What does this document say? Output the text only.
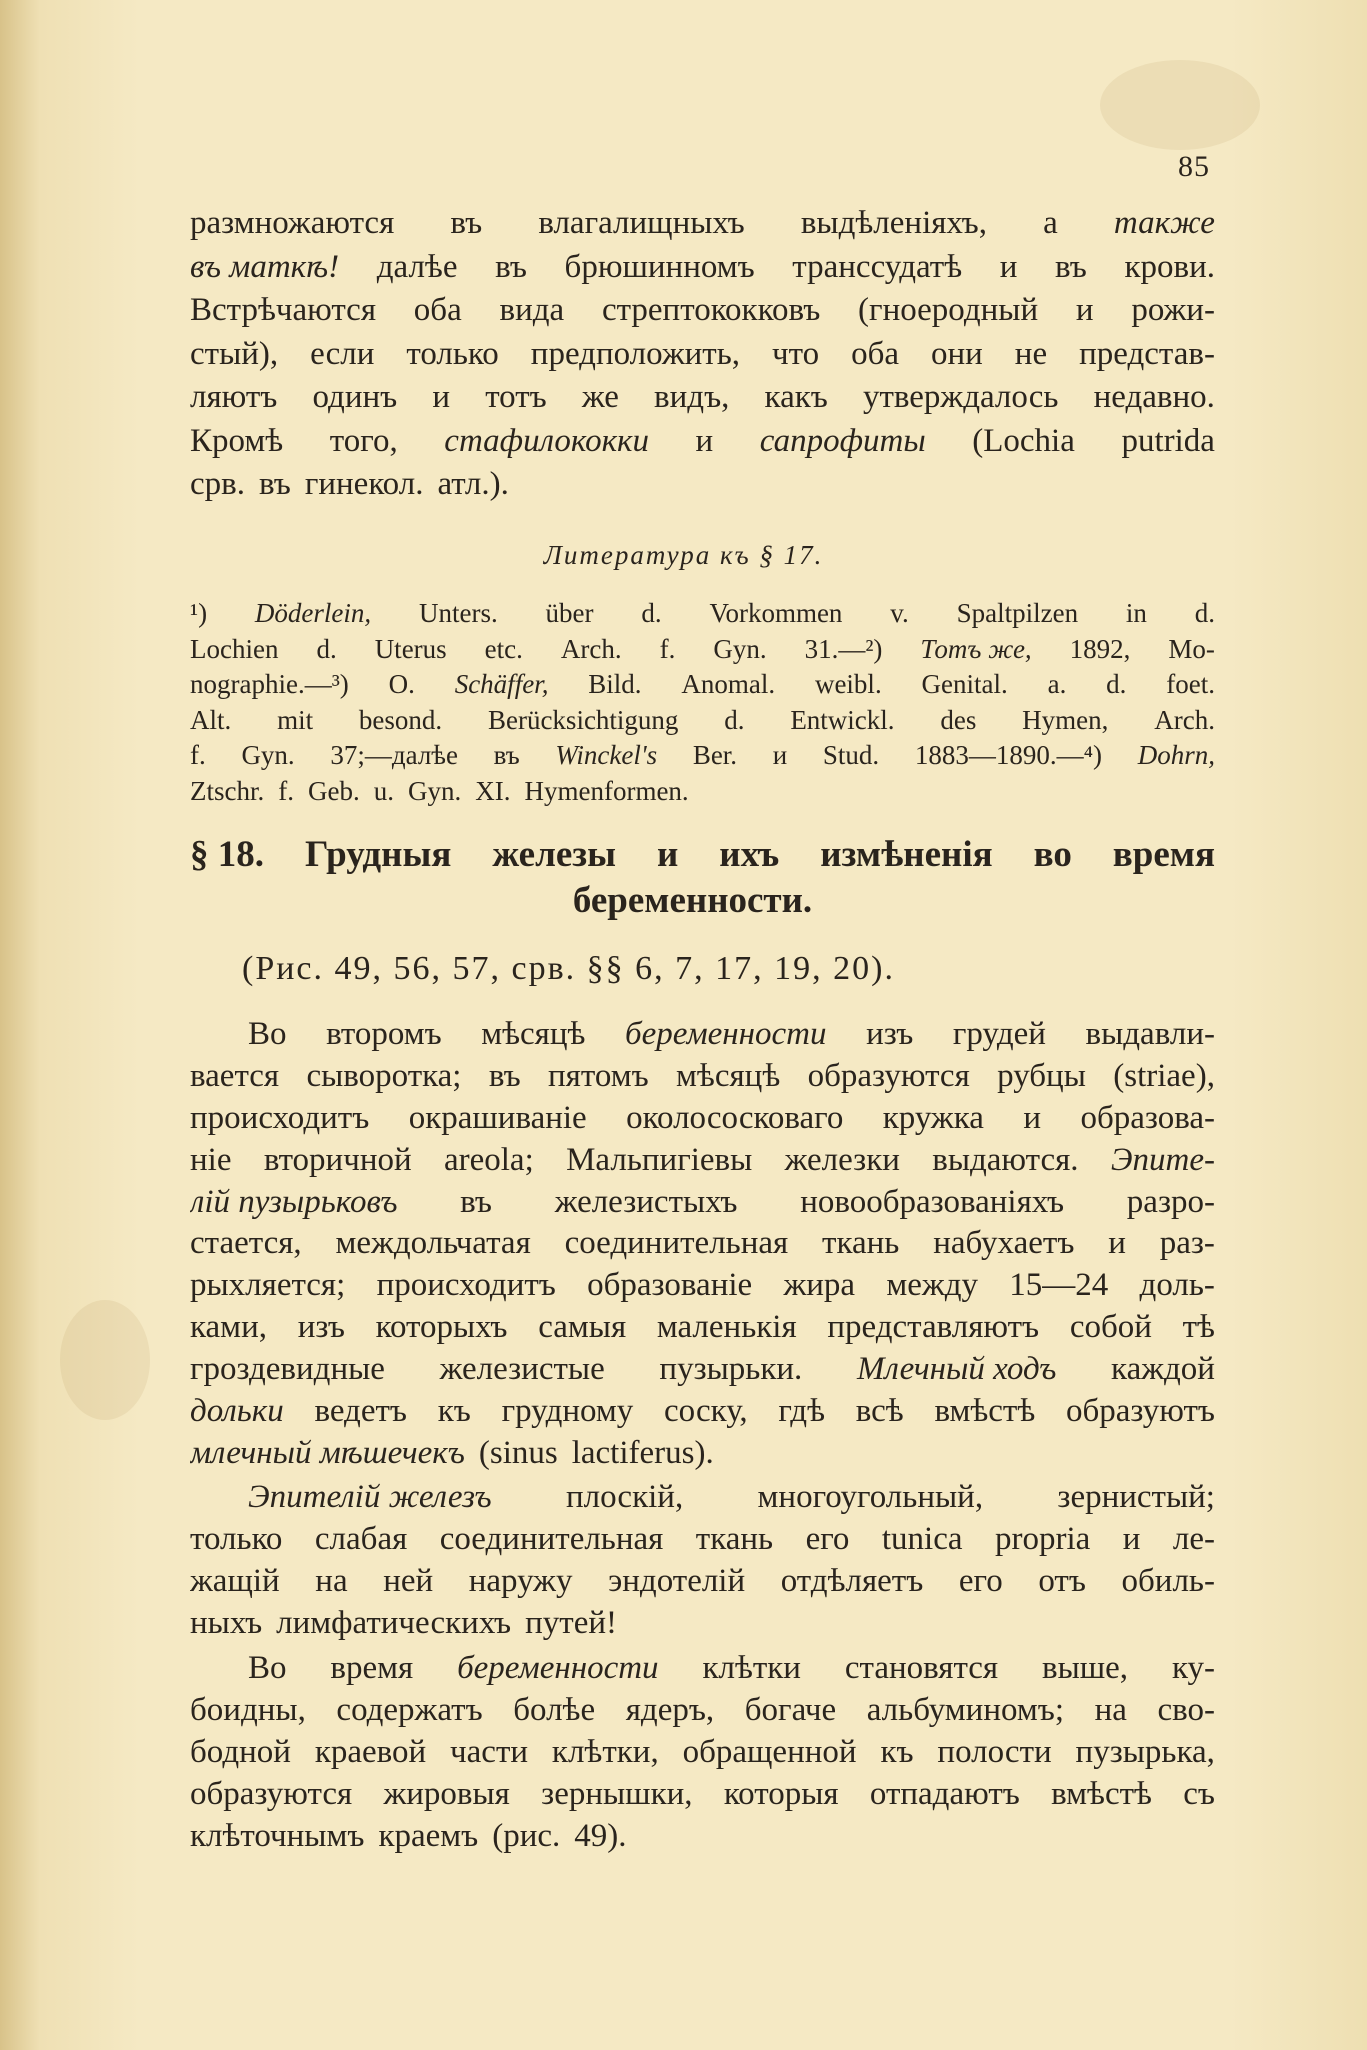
85
размножаются въ влагалищныхъ выдѣленіяхъ, а также
въ маткѣ! далѣе въ брюшинномъ транссудатѣ и въ крови.
Встрѣчаются оба вида стрептококковъ (гноеродный и рожи-
стый), если только предположить, что оба они не представ-
ляютъ одинъ и тотъ же видъ, какъ утверждалось недавно.
Кромѣ того, стафилококки и сапрофиты (Lochia putrida
срв. въ гинекол. атл.).
Литература къ § 17.
¹) Döderlein, Unters. über d. Vorkommen v. Spaltpilzen in d.
Lochien d. Uterus etc. Arch. f. Gyn. 31.—²) Тотъ же, 1892, Mo-
nographie.—³) O. Schäffer, Bild. Anomal. weibl. Genital. a. d. foet.
Alt. mit besond. Berücksichtigung d. Entwickl. des Hymen, Arch.
f. Gyn. 37;—далѣе въ Winckel's Ber. и Stud. 1883—1890.—⁴) Dohrn,
Ztschr. f. Geb. u. Gyn. XI. Hymenformen.
§ 18. Грудныя железы и ихъ измѣненія во время
беременности.
(Рис. 49, 56, 57, срв. §§ 6, 7, 17, 19, 20).
Во второмъ мѣсяцѣ беременности изъ грудей выдавли-
вается сыворотка; въ пятомъ мѣсяцѣ образуются рубцы (striae),
происходитъ окрашиваніе околососковаго кружка и образова-
ніе вторичной areola; Мальпигіевы железки выдаются. Эпите-
лій пузырьковъ въ железистыхъ новообразованіяхъ разро-
стается, междольчатая соединительная ткань набухаетъ и раз-
рыхляется; происходитъ образованіе жира между 15—24 доль-
ками, изъ которыхъ самыя маленькія представляютъ собой тѣ
гроздевидные железистые пузырьки. Млечный ходъ каждой
дольки ведетъ къ грудному соску, гдѣ всѣ вмѣстѣ образуютъ
млечный мѣшечекъ (sinus lactiferus).
Эпителій железъ плоскій, многоугольный, зернистый;
только слабая соединительная ткань его tunica propria и ле-
жащій на ней наружу эндотелій отдѣляетъ его отъ обиль-
ныхъ лимфатическихъ путей!
Во время беременности клѣтки становятся выше, ку-
боидны, содержатъ болѣе ядеръ, богаче альбуминомъ; на сво-
бодной краевой части клѣтки, обращенной къ полости пузырька,
образуются жировыя зернышки, которыя отпадаютъ вмѣстѣ съ
клѣточнымъ краемъ (рис. 49).
